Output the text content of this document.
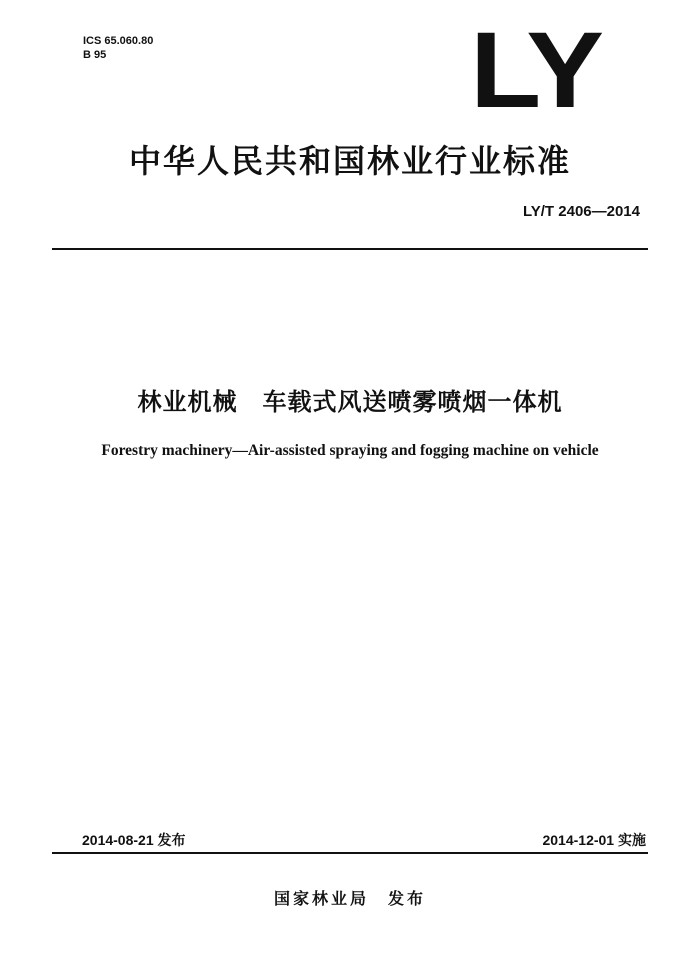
ICS 65.060.80
B 95	LY
中华人民共和国林业行业标准
LY/T 2406—2014
林业机械　车载式风送喷雾喷烟一体机
Forestry machinery—Air-assisted spraying and fogging machine on vehicle
2014-08-21 发布	2014-12-01 实施
国家林业局　发布
